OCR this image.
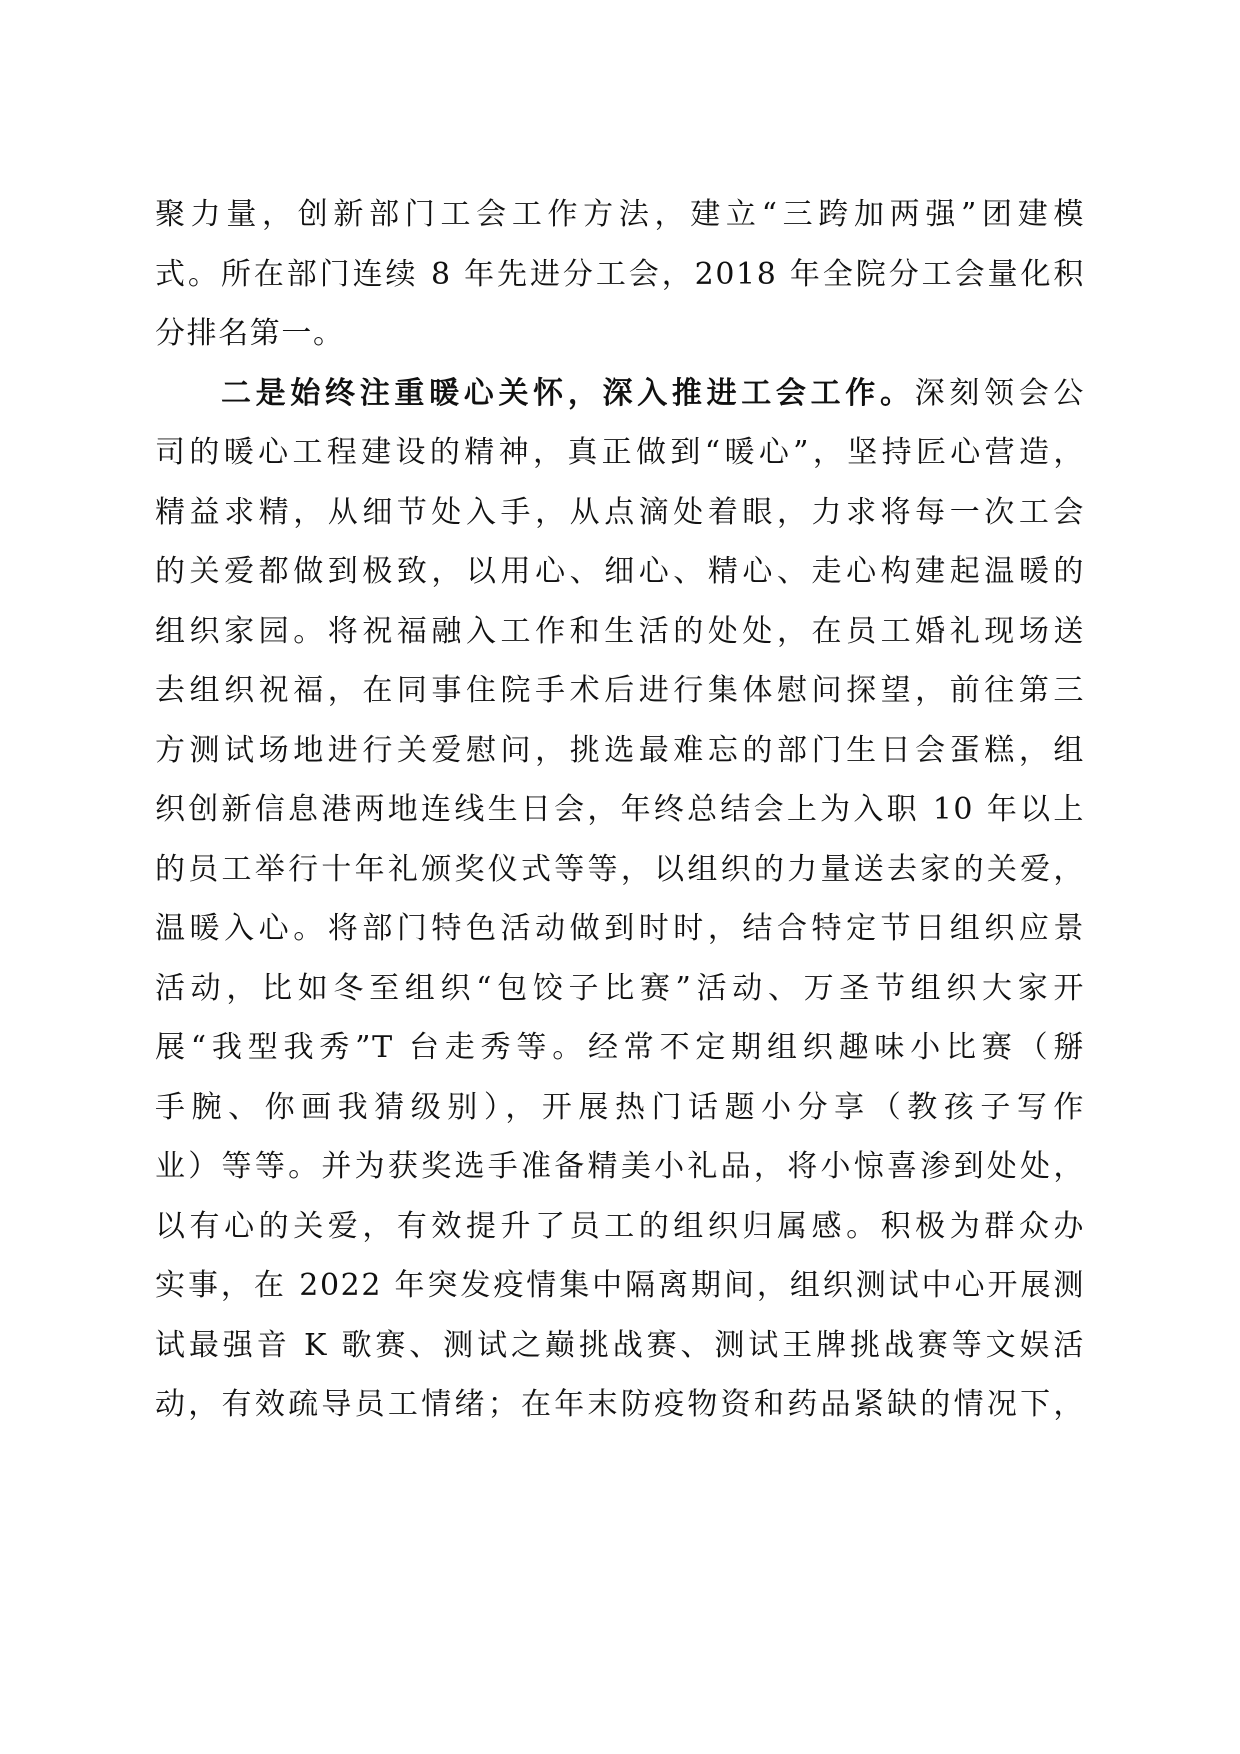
聚力量，创新部门工会工作方法，建立“三跨加两强”团建模
式。所在部门连续 8 年先进分工会，2018 年全院分工会量化积
分排名第一。
二是始终注重暖心关怀，深入推进工会工作。深刻领会公
司的暖心工程建设的精神，真正做到“暖心”，坚持匠心营造，
精益求精，从细节处入手，从点滴处着眼，力求将每一次工会
的关爱都做到极致，以用心、细心、精心、走心构建起温暖的
组织家园。将祝福融入工作和生活的处处，在员工婚礼现场送
去组织祝福，在同事住院手术后进行集体慰问探望，前往第三
方测试场地进行关爱慰问，挑选最难忘的部门生日会蛋糕，组
织创新信息港两地连线生日会，年终总结会上为入职 10 年以上
的员工举行十年礼颁奖仪式等等，以组织的力量送去家的关爱，
温暖入心。将部门特色活动做到时时，结合特定节日组织应景
活动，比如冬至组织“包饺子比赛”活动、万圣节组织大家开
展“我型我秀”T 台走秀等。经常不定期组织趣味小比赛（掰
手腕、你画我猜级别），开展热门话题小分享（教孩子写作
业）等等。并为获奖选手准备精美小礼品，将小惊喜渗到处处，
以有心的关爱，有效提升了员工的组织归属感。积极为群众办
实事，在 2022 年突发疫情集中隔离期间，组织测试中心开展测
试最强音 K 歌赛、测试之巅挑战赛、测试王牌挑战赛等文娱活
动，有效疏导员工情绪；在年末防疫物资和药品紧缺的情况下，
